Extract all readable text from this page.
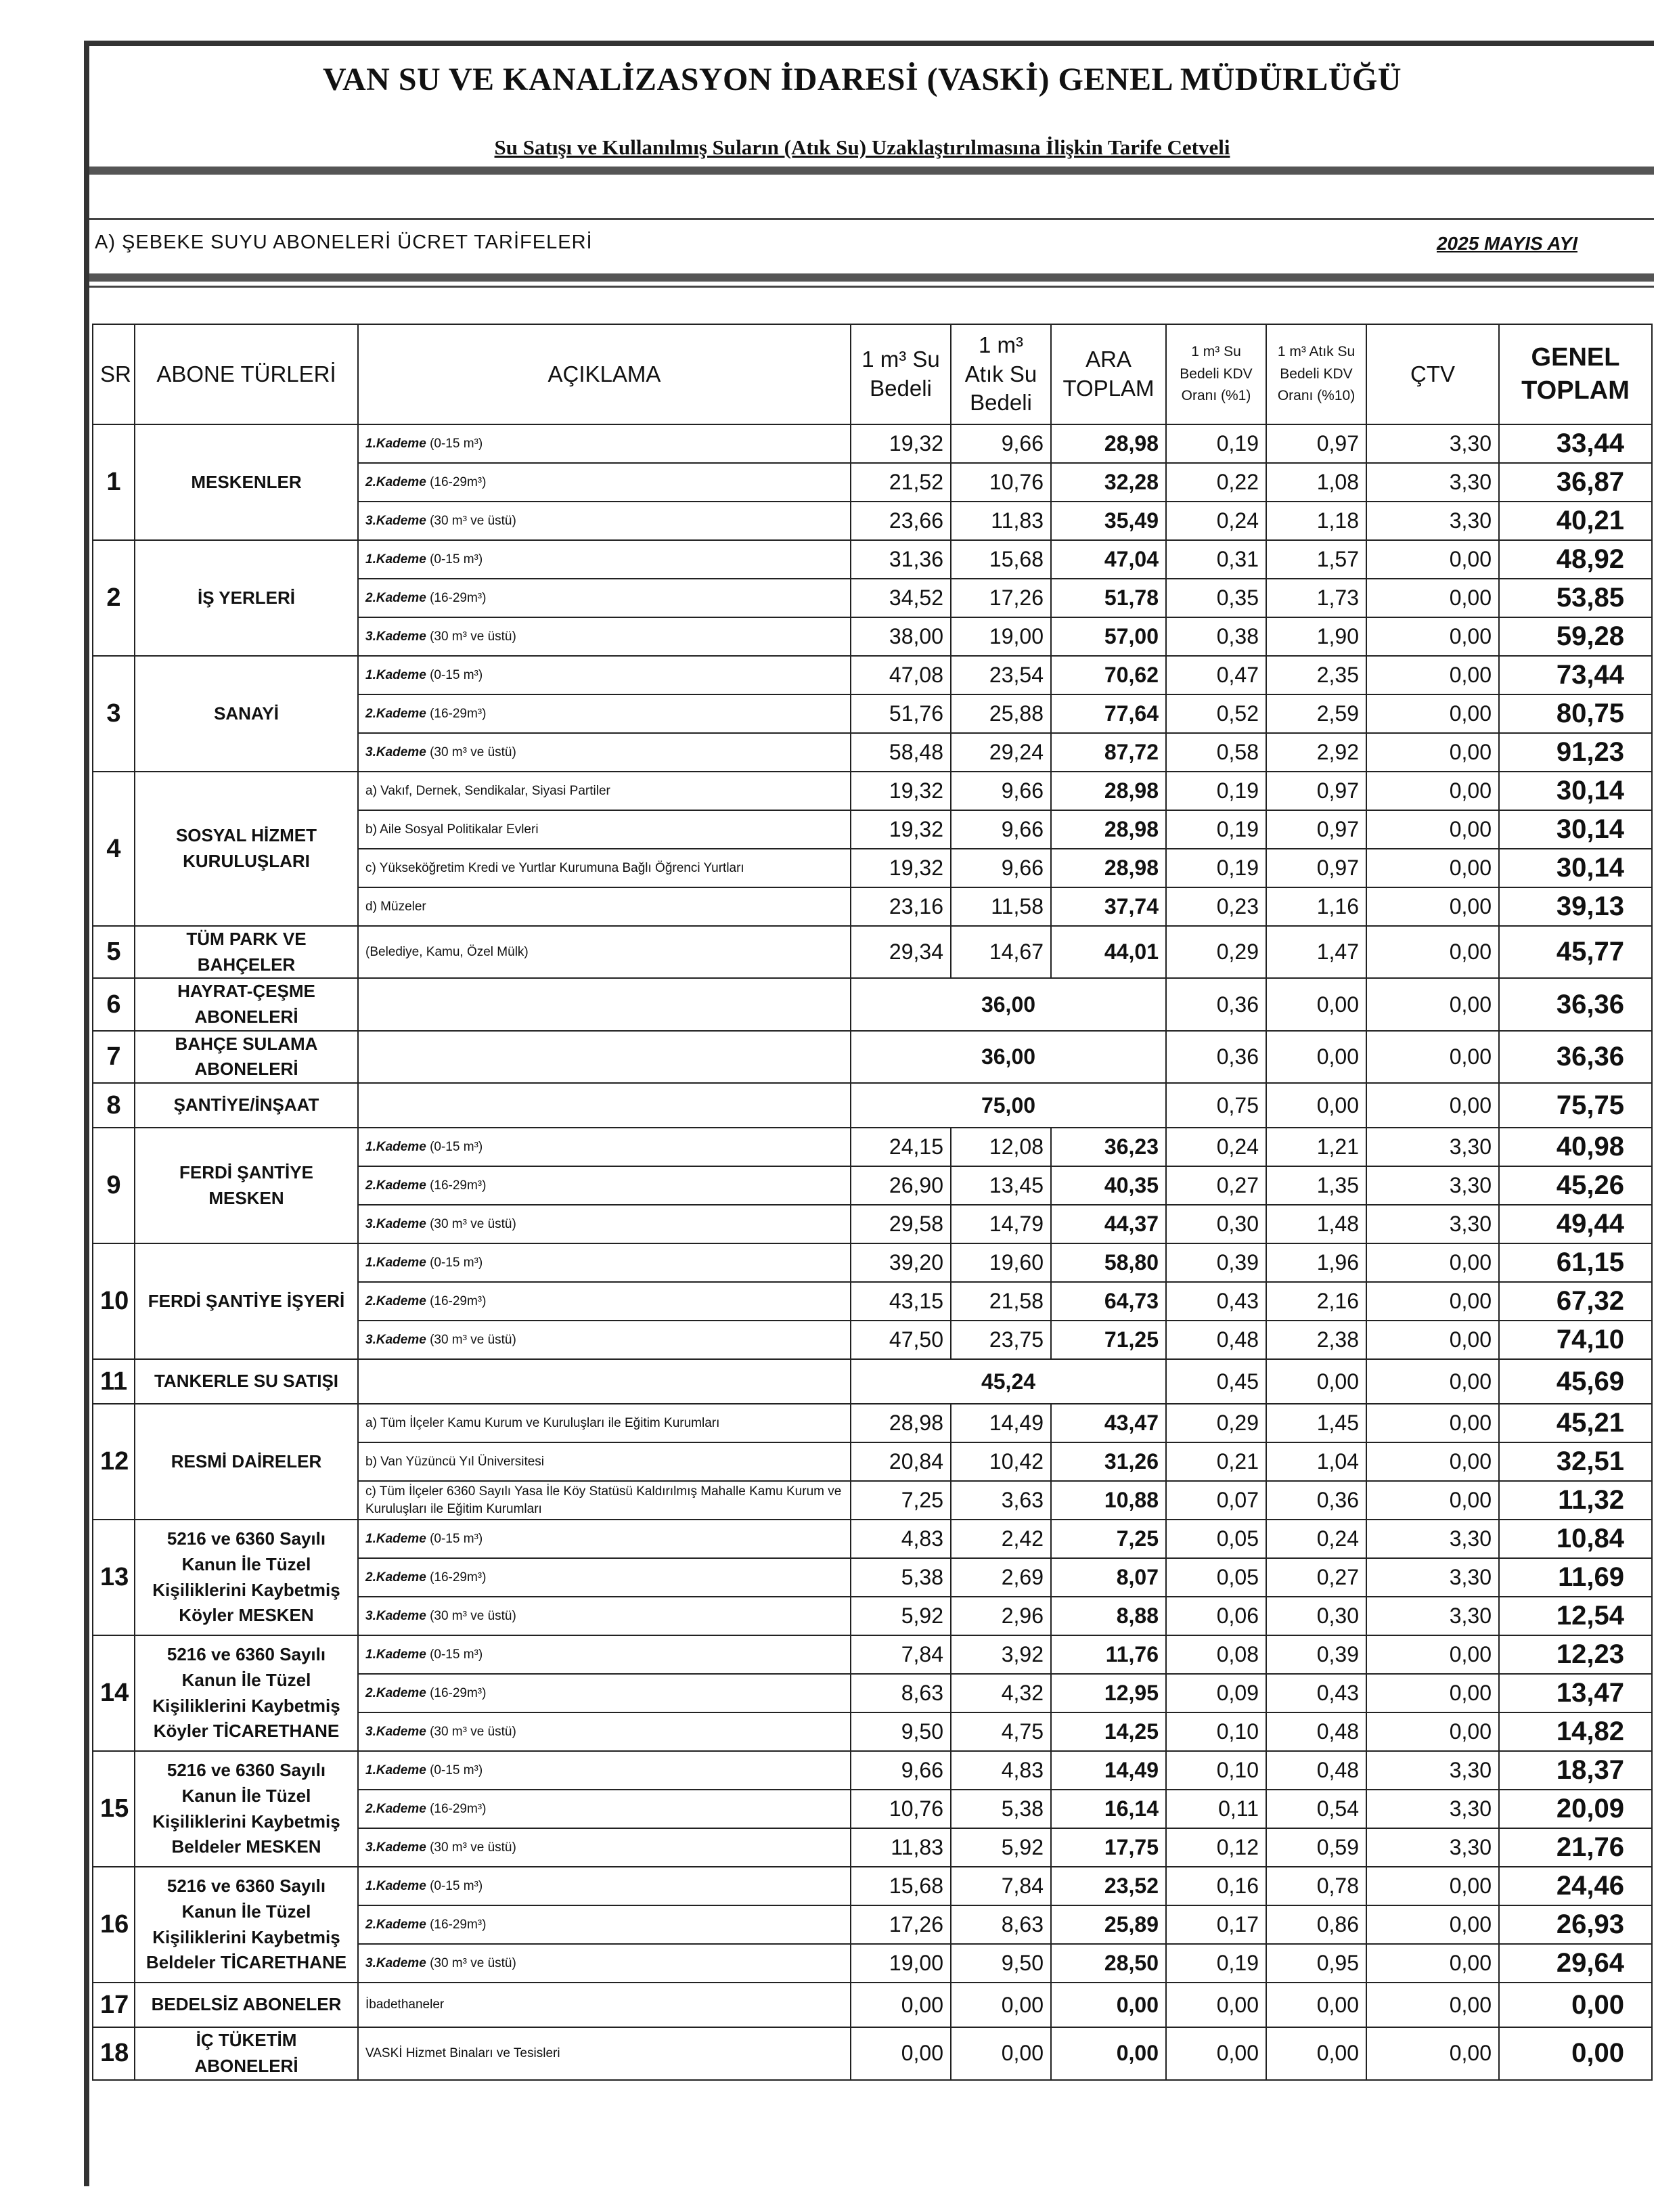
VAN SU VE KANALİZASYON İDARESİ (VASKİ) GENEL MÜDÜRLÜĞÜ
Su Satışı ve Kullanılmış Suların (Atık Su) Uzaklaştırılmasına İlişkin Tarife Cetveli
A) ŞEBEKE SUYU ABONELERİ ÜCRET TARİFELERİ	2025 MAYIS AYI
SR	ABONE TÜRLERİ	AÇIKLAMA	1 m³ Su Bedeli	1 m³ Atık Su Bedeli	ARA TOPLAM	1 m³ Su Bedeli KDV Oranı (%1)	1 m³ Atık Su Bedeli KDV Oranı (%10)	ÇTV	GENEL TOPLAM
1	MESKENLER	1.Kademe (0-15 m³)	19,32	9,66	28,98	0,19	0,97	3,30	33,44
		2.Kademe (16-29m³)	21,52	10,76	32,28	0,22	1,08	3,30	36,87
		3.Kademe (30 m³ ve üstü)	23,66	11,83	35,49	0,24	1,18	3,30	40,21
2	İŞ YERLERİ	1.Kademe (0-15 m³)	31,36	15,68	47,04	0,31	1,57	0,00	48,92
		2.Kademe (16-29m³)	34,52	17,26	51,78	0,35	1,73	0,00	53,85
		3.Kademe (30 m³ ve üstü)	38,00	19,00	57,00	0,38	1,90	0,00	59,28
3	SANAYİ	1.Kademe (0-15 m³)	47,08	23,54	70,62	0,47	2,35	0,00	73,44
		2.Kademe (16-29m³)	51,76	25,88	77,64	0,52	2,59	0,00	80,75
		3.Kademe (30 m³ ve üstü)	58,48	29,24	87,72	0,58	2,92	0,00	91,23
4	SOSYAL HİZMET KURULUŞLARI	a) Vakıf, Dernek, Sendikalar, Siyasi Partiler	19,32	9,66	28,98	0,19	0,97	0,00	30,14
		b) Aile Sosyal Politikalar Evleri	19,32	9,66	28,98	0,19	0,97	0,00	30,14
		c) Yükseköğretim Kredi ve Yurtlar Kurumuna Bağlı Öğrenci Yurtları	19,32	9,66	28,98	0,19	0,97	0,00	30,14
		d) Müzeler	23,16	11,58	37,74	0,23	1,16	0,00	39,13
5	TÜM PARK VE BAHÇELER	(Belediye, Kamu, Özel Mülk)	29,34	14,67	44,01	0,29	1,47	0,00	45,77
6	HAYRAT-ÇEŞME ABONELERİ		36,00			0,36	0,00	0,00	36,36
7	BAHÇE SULAMA ABONELERİ		36,00			0,36	0,00	0,00	36,36
8	ŞANTİYE/İNŞAAT		75,00			0,75	0,00	0,00	75,75
9	FERDİ ŞANTİYE MESKEN	1.Kademe (0-15 m³)	24,15	12,08	36,23	0,24	1,21	3,30	40,98
		2.Kademe (16-29m³)	26,90	13,45	40,35	0,27	1,35	3,30	45,26
		3.Kademe (30 m³ ve üstü)	29,58	14,79	44,37	0,30	1,48	3,30	49,44
10	FERDİ ŞANTİYE İŞYERİ	1.Kademe (0-15 m³)	39,20	19,60	58,80	0,39	1,96	0,00	61,15
		2.Kademe (16-29m³)	43,15	21,58	64,73	0,43	2,16	0,00	67,32
		3.Kademe (30 m³ ve üstü)	47,50	23,75	71,25	0,48	2,38	0,00	74,10
11	TANKERLE SU SATIŞI		45,24			0,45	0,00	0,00	45,69
12	RESMİ DAİRELER	a) Tüm İlçeler Kamu Kurum ve Kuruluşları ile Eğitim Kurumları	28,98	14,49	43,47	0,29	1,45	0,00	45,21
		b) Van Yüzüncü Yıl Üniversitesi	20,84	10,42	31,26	0,21	1,04	0,00	32,51
		c) Tüm İlçeler 6360 Sayılı Yasa İle Köy Statüsü Kaldırılmış Mahalle Kamu Kurum ve Kuruluşları ile Eğitim Kurumları	7,25	3,63	10,88	0,07	0,36	0,00	11,32
13	5216 ve 6360 Sayılı Kanun İle Tüzel Kişiliklerini Kaybetmiş Köyler MESKEN	1.Kademe (0-15 m³)	4,83	2,42	7,25	0,05	0,24	3,30	10,84
		2.Kademe (16-29m³)	5,38	2,69	8,07	0,05	0,27	3,30	11,69
		3.Kademe (30 m³ ve üstü)	5,92	2,96	8,88	0,06	0,30	3,30	12,54
14	5216 ve 6360 Sayılı Kanun İle Tüzel Kişiliklerini Kaybetmiş Köyler TİCARETHANE	1.Kademe (0-15 m³)	7,84	3,92	11,76	0,08	0,39	0,00	12,23
		2.Kademe (16-29m³)	8,63	4,32	12,95	0,09	0,43	0,00	13,47
		3.Kademe (30 m³ ve üstü)	9,50	4,75	14,25	0,10	0,48	0,00	14,82
15	5216 ve 6360 Sayılı Kanun İle Tüzel Kişiliklerini Kaybetmiş Beldeler MESKEN	1.Kademe (0-15 m³)	9,66	4,83	14,49	0,10	0,48	3,30	18,37
		2.Kademe (16-29m³)	10,76	5,38	16,14	0,11	0,54	3,30	20,09
		3.Kademe (30 m³ ve üstü)	11,83	5,92	17,75	0,12	0,59	3,30	21,76
16	5216 ve 6360 Sayılı Kanun İle Tüzel Kişiliklerini Kaybetmiş Beldeler TİCARETHANE	1.Kademe (0-15 m³)	15,68	7,84	23,52	0,16	0,78	0,00	24,46
		2.Kademe (16-29m³)	17,26	8,63	25,89	0,17	0,86	0,00	26,93
		3.Kademe (30 m³ ve üstü)	19,00	9,50	28,50	0,19	0,95	0,00	29,64
17	BEDELSİZ ABONELER	İbadethaneler	0,00	0,00	0,00	0,00	0,00	0,00	0,00
18	İÇ TÜKETİM ABONELERİ	VASKİ Hizmet Binaları ve Tesisleri	0,00	0,00	0,00	0,00	0,00	0,00	0,00
